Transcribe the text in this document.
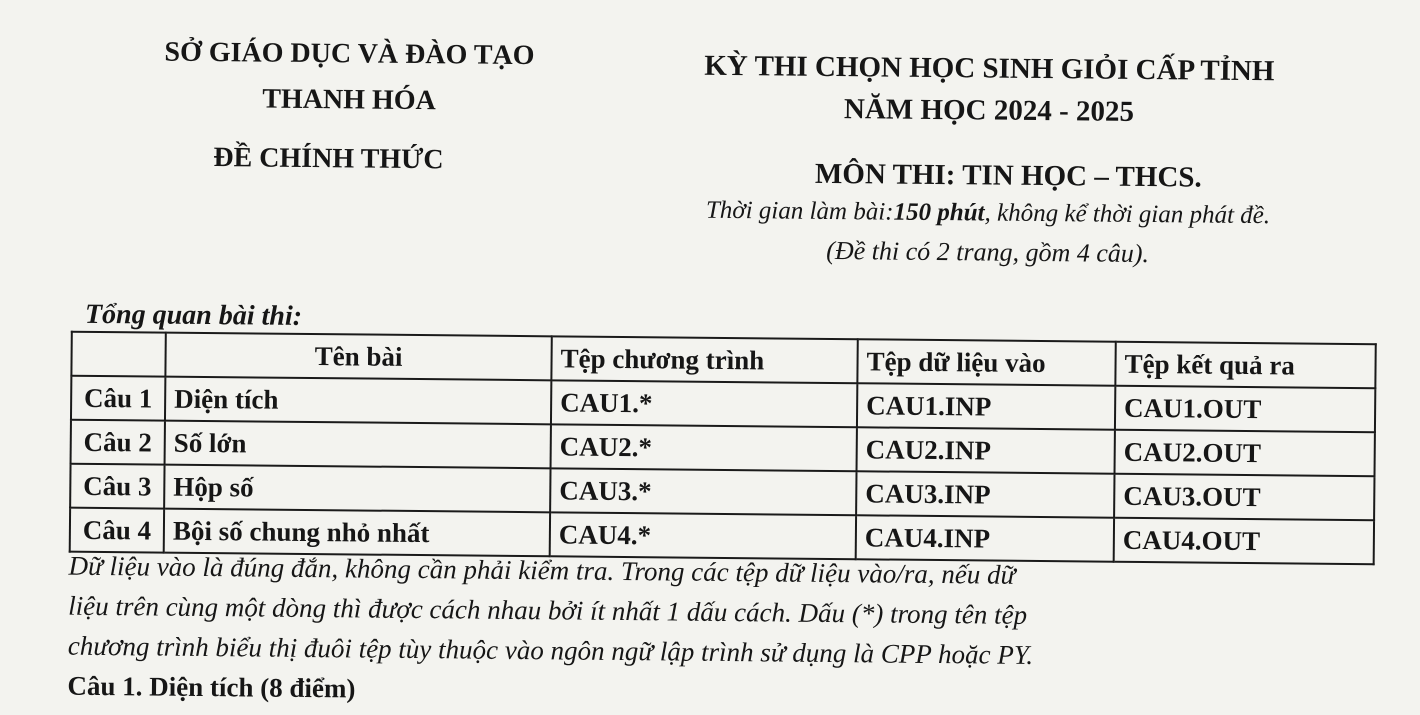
SỞ GIÁO DỤC VÀ ĐÀO TẠO
THANH HÓA
KỲ THI CHỌN HỌC SINH GIỎI CẤP TỈNH
NĂM HỌC 2024 - 2025
ĐỀ CHÍNH THỨC	MÔN THI: TIN HỌC – THCS.
Thời gian làm bài:150 phút, không kể thời gian phát đề.
(Đề thi có 2 trang, gồm 4 câu).
Tổng quan bài thi:
	Tên bài	Tệp chương trình	Tệp dữ liệu vào	Tệp kết quả ra
Câu 1	Diện tích	CAU1.*	CAU1.INP	CAU1.OUT
Câu 2	Số lớn	CAU2.*	CAU2.INP	CAU2.OUT
Câu 3	Hộp số	CAU3.*	CAU3.INP	CAU3.OUT
Câu 4	Bội số chung nhỏ nhất	CAU4.*	CAU4.INP	CAU4.OUT

Dữ liệu vào là đúng đắn, không cần phải kiểm tra. Trong các tệp dữ liệu vào/ra, nếu dữ

liệu trên cùng một dòng thì được cách nhau bởi ít nhất 1 dấu cách. Dấu (*) trong tên tệp

chương trình biểu thị đuôi tệp tùy thuộc vào ngôn ngữ lập trình sử dụng là CPP hoặc PY.

Câu 1. Diện tích (8 điểm)
